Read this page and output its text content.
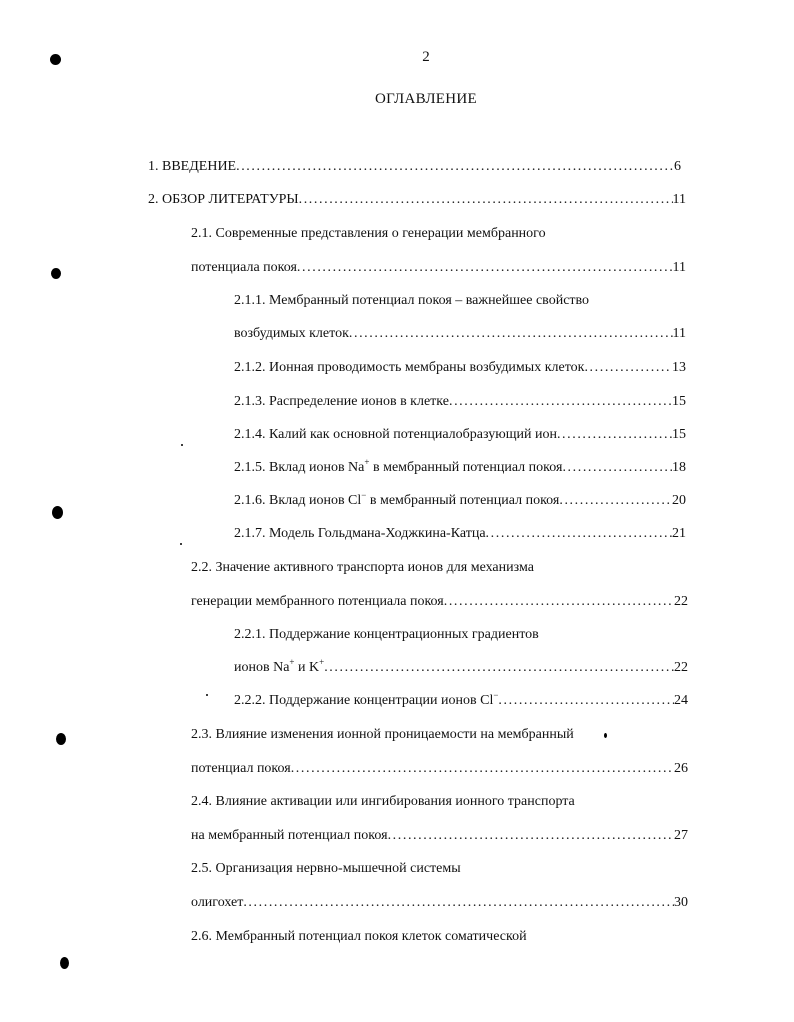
2
ОГЛАВЛЕНИЕ
1. ВВЕДЕНИЕ .....	6
2. ОБЗОР ЛИТЕРАТУРЫ .....	11
2.1. Современные представления о генерации мембранного
потенциала покоя .....	11
2.1.1. Мембранный потенциал покоя – важнейшее свойство
возбудимых клеток .....	11
2.1.2. Ионная проводимость мембраны возбудимых клеток .....	13
2.1.3. Распределение ионов в клетке .....	15
2.1.4. Калий как основной потенциалобразующий ион .....	15
2.1.5. Вклад ионов Na+ в мембранный потенциал покоя .....	18
2.1.6. Вклад ионов Cl− в мембранный потенциал покоя .....	20
2.1.7. Модель Гольдмана-Ходжкина-Катца .....	21
2.2. Значение активного транспорта ионов для механизма
генерации мембранного потенциала покоя .....	22
2.2.1. Поддержание концентрационных градиентов
ионов Na+ и K+ .....	22
2.2.2. Поддержание концентрации ионов Cl− .....	24
2.3. Влияние изменения ионной проницаемости на мембранный
потенциал покоя .....	26
2.4. Влияние активации или ингибирования ионного транспорта
на мембранный потенциал покоя .....	27
2.5. Организация нервно-мышечной системы
олигохет .....	30
2.6. Мембранный потенциал покоя клеток соматической
